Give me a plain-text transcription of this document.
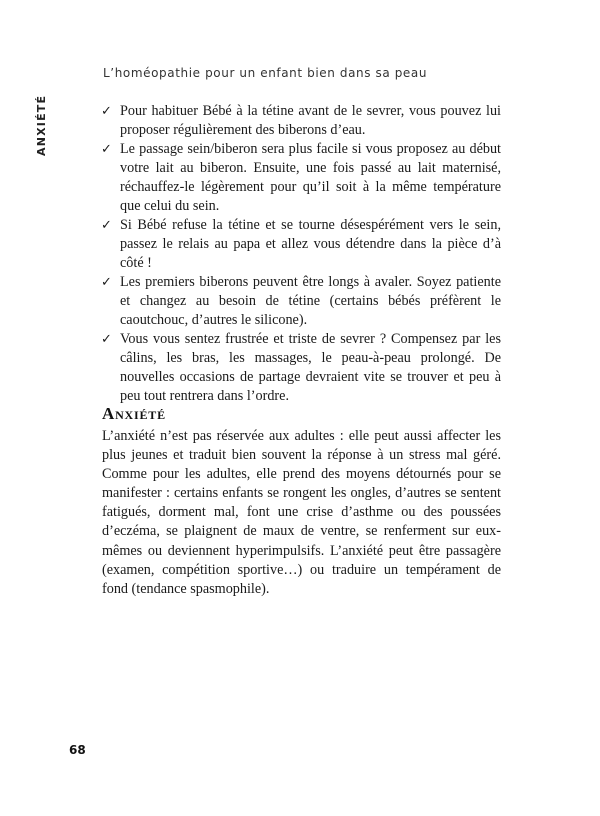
L’homéopathie pour un enfant bien dans sa peau
ANXIÉTÉ	✓ Pour habituer Bébé à la tétine avant de le sevrer, vous pouvez lui proposer régulièrement des biberons d’eau.
✓ Le passage sein/biberon sera plus facile si vous proposez au début votre lait au biberon. Ensuite, une fois passé au lait maternisé, réchauffez-le légèrement pour qu’il soit à la même température que celui du sein.
✓ Si Bébé refuse la tétine et se tourne désespérément vers le sein, passez le relais au papa et allez vous détendre dans la pièce d’à côté !
✓ Les premiers biberons peuvent être longs à avaler. Soyez patiente et changez au besoin de tétine (certains bébés préfèrent le caoutchouc, d’autres le silicone).
✓ Vous vous sentez frustrée et triste de sevrer ? Compensez par les câlins, les bras, les massages, le peau-à-peau prolongé. De nouvelles occasions de partage devraient vite se trouver et peu à peu tout rentrera dans l’ordre.
Anxiété

L’anxiété n’est pas réservée aux adultes : elle peut aussi affecter les plus jeunes et traduit bien souvent la réponse à un stress mal géré. Comme pour les adultes, elle prend des moyens détournés pour se manifester : certains enfants se rongent les ongles, d’autres se sentent fatigués, dorment mal, font une crise d’asthme ou des poussées d’eczéma, se plaignent de maux de ventre, se renferment sur eux-mêmes ou deviennent hyperimpulsifs. L’anxiété peut être passagère (examen, compétition sportive…) ou traduire un tempérament de fond (tendance spasmophile).

68
